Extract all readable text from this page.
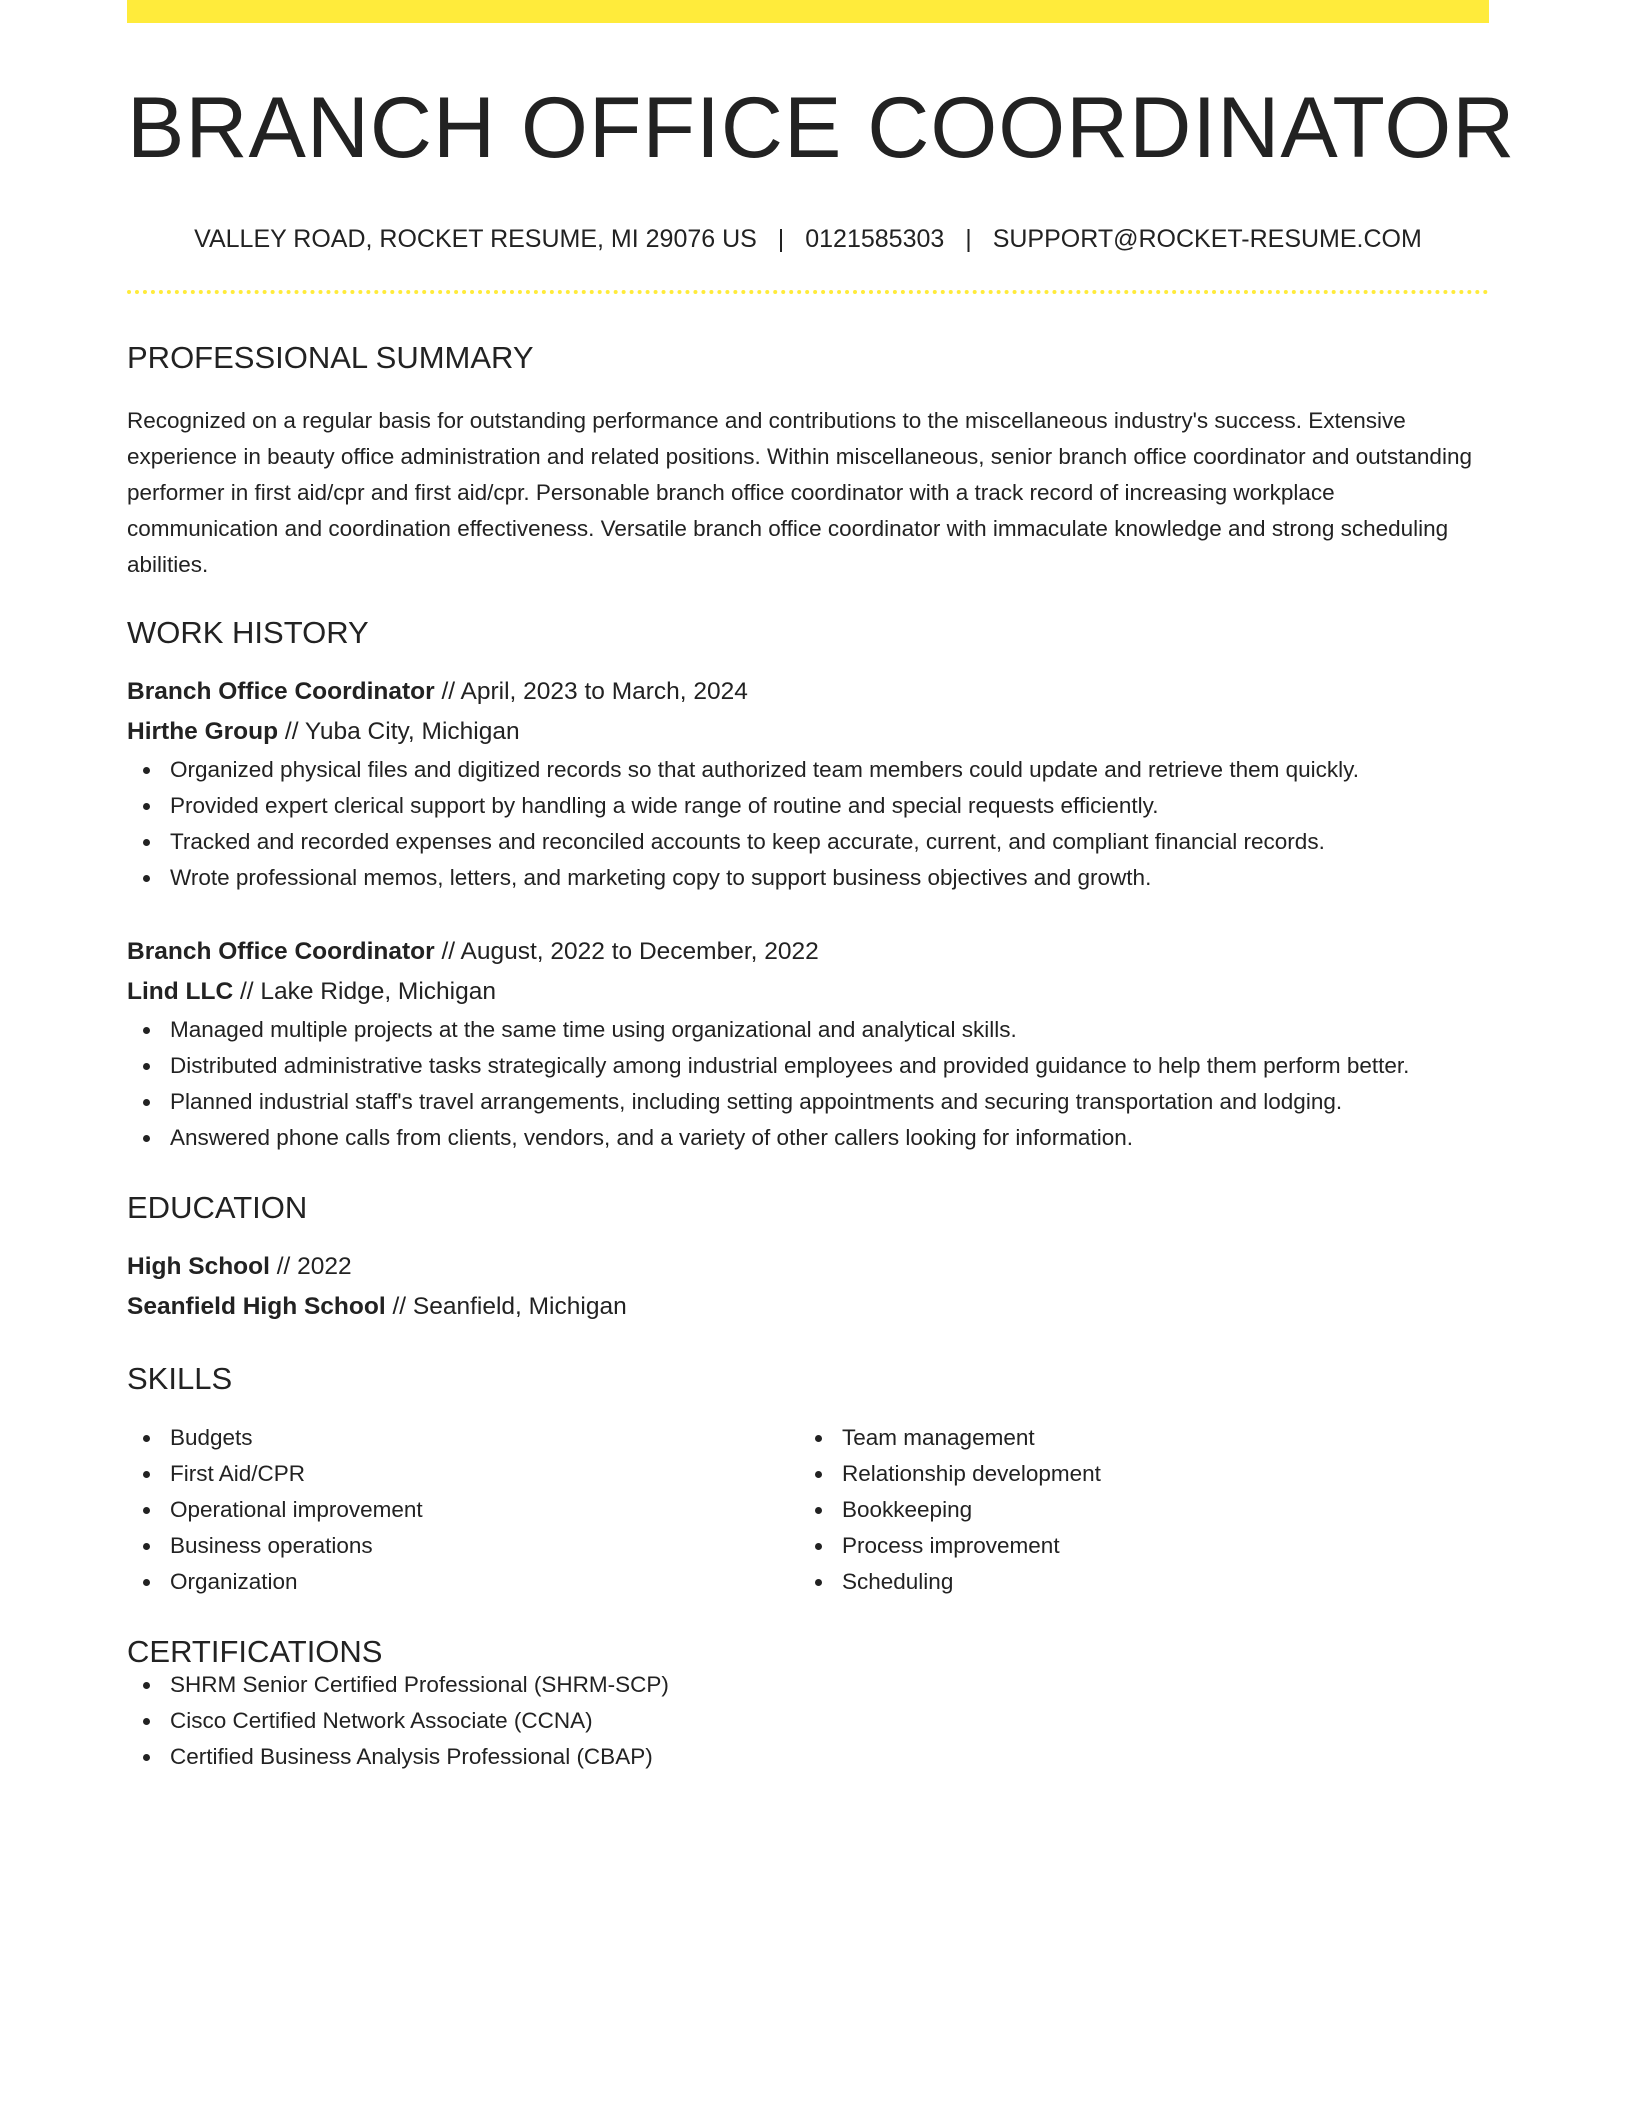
BRANCH OFFICE COORDINATOR
VALLEY ROAD, ROCKET RESUME, MI 29076 US | 0121585303 | SUPPORT@ROCKET-RESUME.COM
PROFESSIONAL SUMMARY

Recognized on a regular basis for outstanding performance and contributions to the miscellaneous industry's success. Extensive experience in beauty office administration and related positions. Within miscellaneous, senior branch office coordinator and outstanding performer in first aid/cpr and first aid/cpr. Personable branch office coordinator with a track record of increasing workplace communication and coordination effectiveness. Versatile branch office coordinator with immaculate knowledge and strong scheduling abilities.

WORK HISTORY
Branch Office Coordinator // April, 2023 to March, 2024
Hirthe Group // Yuba City, Michigan
Organized physical files and digitized records so that authorized team members could update and retrieve them quickly.
Provided expert clerical support by handling a wide range of routine and special requests efficiently.
Tracked and recorded expenses and reconciled accounts to keep accurate, current, and compliant financial records.
Wrote professional memos, letters, and marketing copy to support business objectives and growth.
Branch Office Coordinator // August, 2022 to December, 2022
Lind LLC // Lake Ridge, Michigan
Managed multiple projects at the same time using organizational and analytical skills.
Distributed administrative tasks strategically among industrial employees and provided guidance to help them perform better.
Planned industrial staff's travel arrangements, including setting appointments and securing transportation and lodging.
Answered phone calls from clients, vendors, and a variety of other callers looking for information.
EDUCATION
High School // 2022
Seanfield High School // Seanfield, Michigan
SKILLS
Budgets
First Aid/CPR
Operational improvement
Business operations
Organization
Team management
Relationship development
Bookkeeping
Process improvement
Scheduling
CERTIFICATIONS
SHRM Senior Certified Professional (SHRM-SCP)
Cisco Certified Network Associate (CCNA)
Certified Business Analysis Professional (CBAP)
